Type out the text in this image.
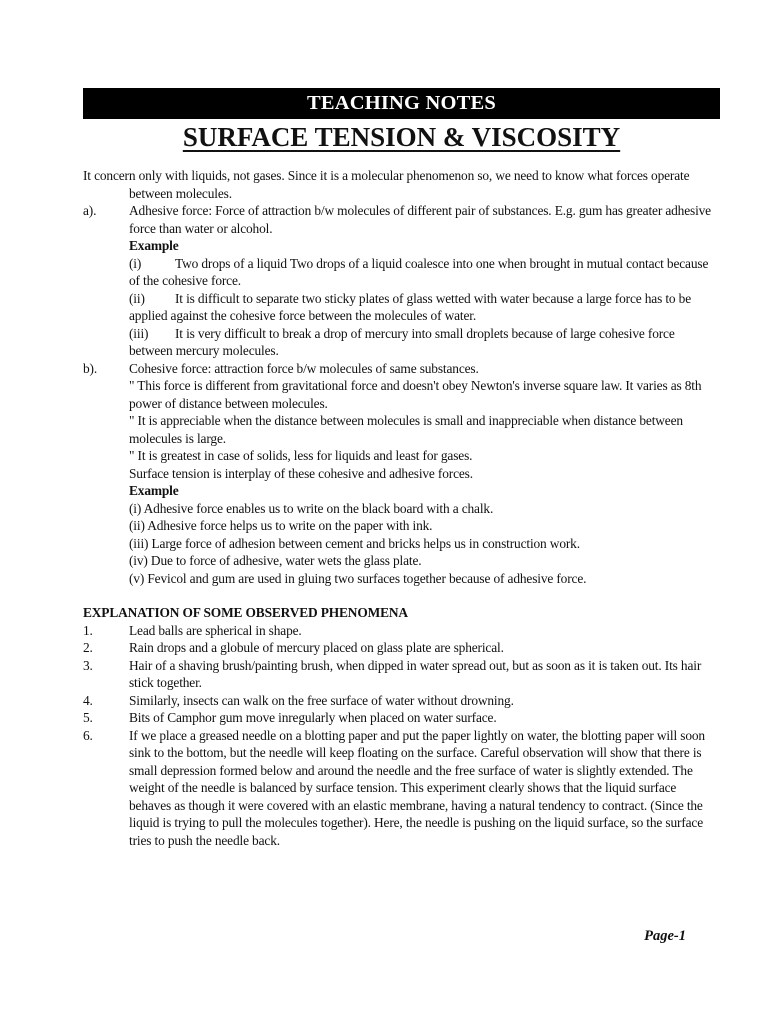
TEACHING NOTES
SURFACE TENSION & VISCOSITY

It concern only with liquids, not gases. Since it is a molecular phenomenon so, we need to know what forces operate between molecules.

a).	Adhesive force: Force of attraction b/w molecules of different pair of substances. E.g. gum has greater adhesive force than water or alcohol.

Example

(i)	Two drops of a liquid Two drops of a liquid coalesce into one when brought in mutual contact because of the cohesive force.

(ii) It is difficult to separate two sticky plates of glass wetted with water because a large force has to be applied against the cohesive force between the molecules of water.

(iii) It is very difficult to break a drop of mercury into small droplets because of large cohesive force between mercury molecules.

b).	Cohesive force: attraction force b/w molecules of same substances.

" This force is different from gravitational force and doesn't obey Newton's inverse square law. It varies as 8th power of distance between molecules.

" It is appreciable when the distance between molecules is small and inappreciable when distance between molecules is large.

" It is greatest in case of solids, less for liquids and least for gases.

Surface tension is interplay of these cohesive and adhesive forces.

Example

(i) Adhesive force enables us to write on the black board with a chalk.

(ii) Adhesive force helps us to write on the paper with ink.

(iii) Large force of adhesion between cement and bricks helps us in construction work.

(iv) Due to force of adhesive, water wets the glass plate.

(v) Fevicol and gum are used in gluing two surfaces together because of adhesive force.

EXPLANATION OF SOME OBSERVED PHENOMENA

1.	Lead balls are spherical in shape.
2.	Rain drops and a globule of mercury placed on glass plate are spherical.
3.	Hair of a shaving brush/painting brush, when dipped in water spread out, but as soon as it is taken out. Its hair stick together.
4.	Similarly, insects can walk on the free surface of water without drowning.
5.	Bits of Camphor gum move inregularly when placed on water surface.
6.	If we place a greased needle on a blotting paper and put the paper lightly on water, the blotting paper will soon sink to the bottom, but the needle will keep floating on the surface. Careful observation will show that there is small depression formed below and around the needle and the free surface of water is slightly extended. The weight of the needle is balanced by surface tension. This experiment clearly shows that the liquid surface behaves as though it were covered with an elastic membrane, having a natural tendency to contract. (Since the liquid is trying to pull the molecules together). Here, the needle is pushing on the liquid surface, so the surface tries to push the needle back.
Page-1
